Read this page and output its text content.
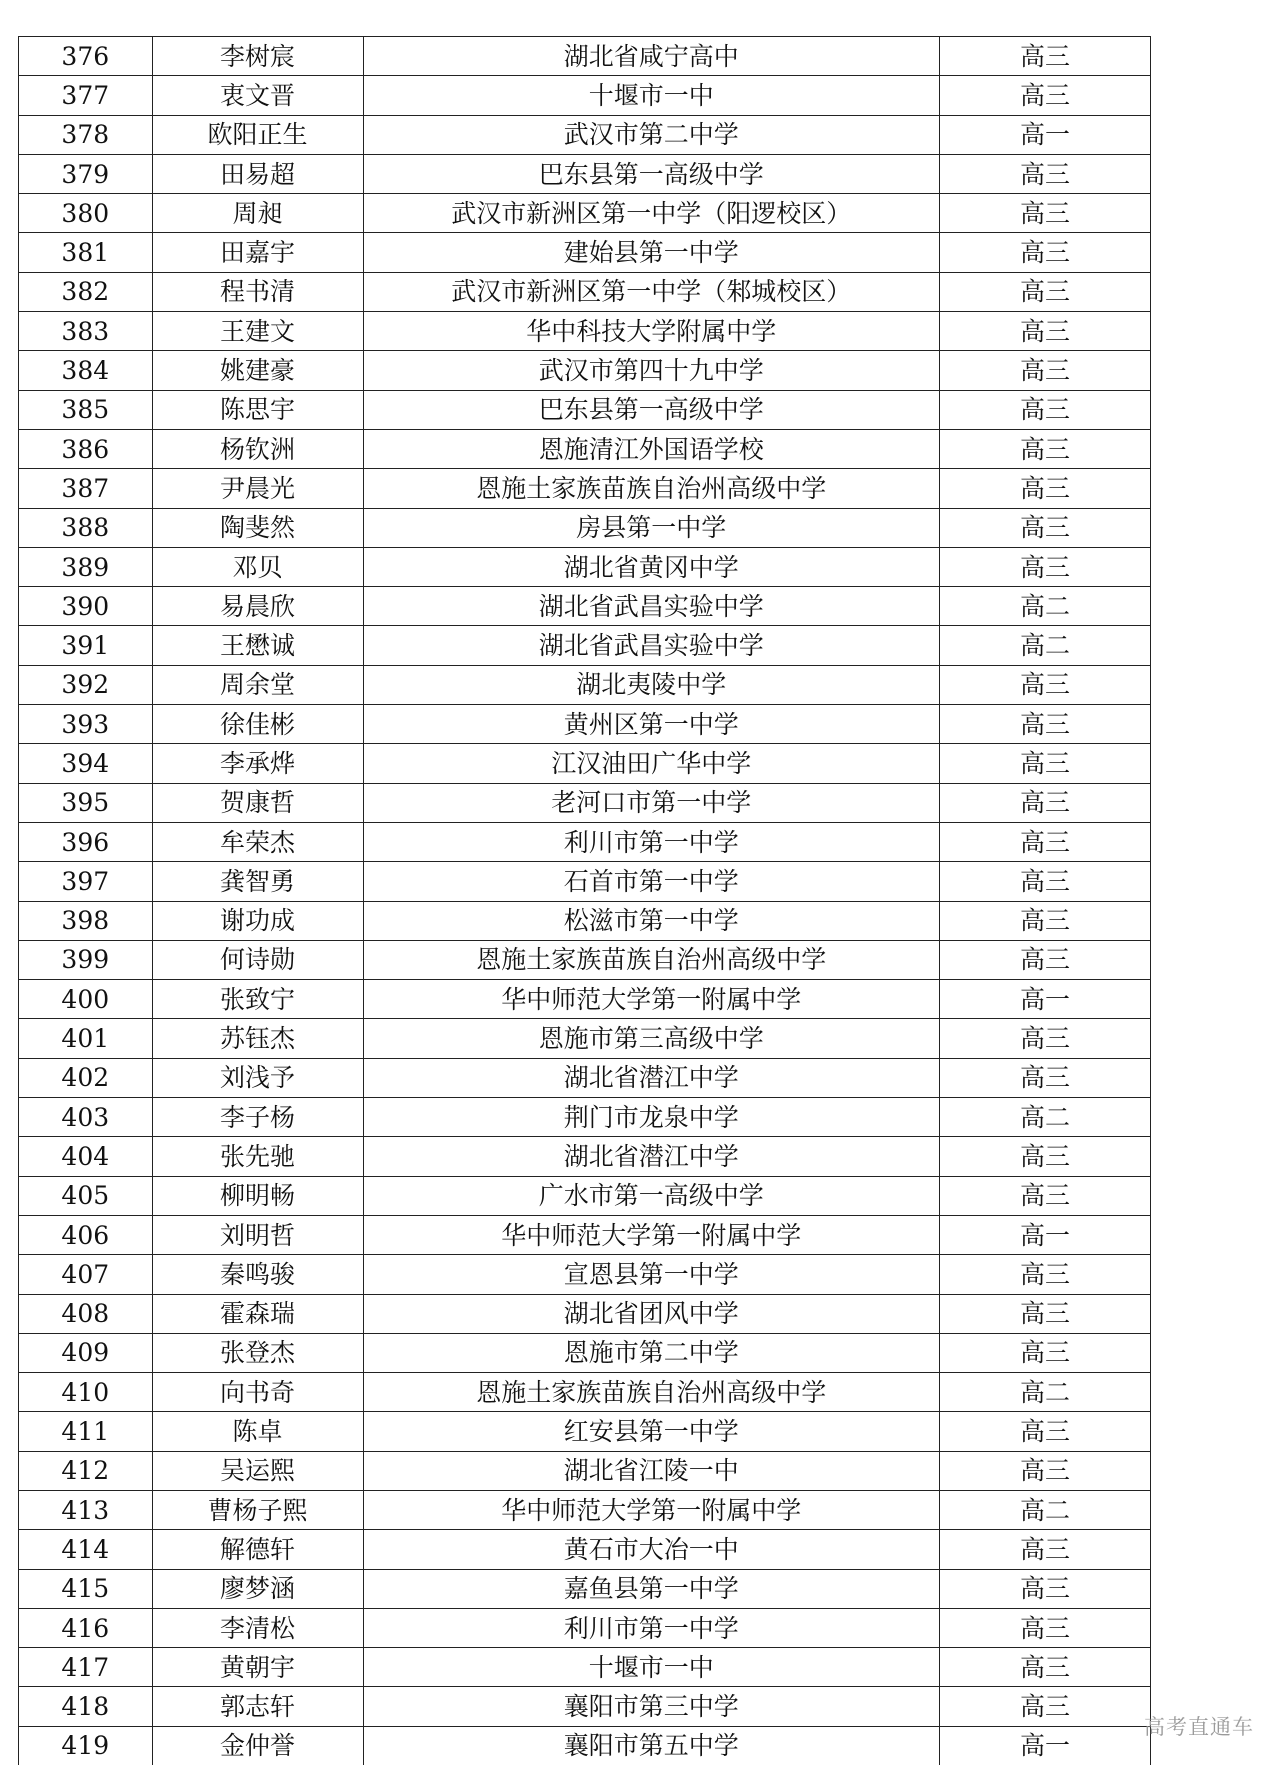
376	李树宸	湖北省咸宁高中	高三
377	衷文晋	十堰市一中	高三
378	欧阳正生	武汉市第二中学	高一
379	田易超	巴东县第一高级中学	高三
380	周昶	武汉市新洲区第一中学（阳逻校区）	高三
381	田嘉宇	建始县第一中学	高三
382	程书清	武汉市新洲区第一中学（邾城校区）	高三
383	王建文	华中科技大学附属中学	高三
384	姚建豪	武汉市第四十九中学	高三
385	陈思宇	巴东县第一高级中学	高三
386	杨钦洲	恩施清江外国语学校	高三
387	尹晨光	恩施土家族苗族自治州高级中学	高三
388	陶斐然	房县第一中学	高三
389	邓贝	湖北省黄冈中学	高三
390	易晨欣	湖北省武昌实验中学	高二
391	王懋诚	湖北省武昌实验中学	高二
392	周余堂	湖北夷陵中学	高三
393	徐佳彬	黄州区第一中学	高三
394	李承烨	江汉油田广华中学	高三
395	贺康哲	老河口市第一中学	高三
396	牟荣杰	利川市第一中学	高三
397	龚智勇	石首市第一中学	高三
398	谢功成	松滋市第一中学	高三
399	何诗勋	恩施土家族苗族自治州高级中学	高三
400	张致宁	华中师范大学第一附属中学	高一
401	苏钰杰	恩施市第三高级中学	高三
402	刘浅予	湖北省潜江中学	高三
403	李子杨	荆门市龙泉中学	高二
404	张先驰	湖北省潜江中学	高三
405	柳明畅	广水市第一高级中学	高三
406	刘明哲	华中师范大学第一附属中学	高一
407	秦鸣骏	宣恩县第一中学	高三
408	霍森瑞	湖北省团风中学	高三
409	张登杰	恩施市第二中学	高三
410	向书奇	恩施土家族苗族自治州高级中学	高二
411	陈卓	红安县第一中学	高三
412	吴运熙	湖北省江陵一中	高三
413	曹杨子熙	华中师范大学第一附属中学	高二
414	解德轩	黄石市大冶一中	高三
415	廖梦涵	嘉鱼县第一中学	高三
416	李清松	利川市第一中学	高三
417	黄朝宇	十堰市一中	高三
418	郭志轩	襄阳市第三中学	高三
419	金仲誉	襄阳市第五中学	高一
高考直通车
